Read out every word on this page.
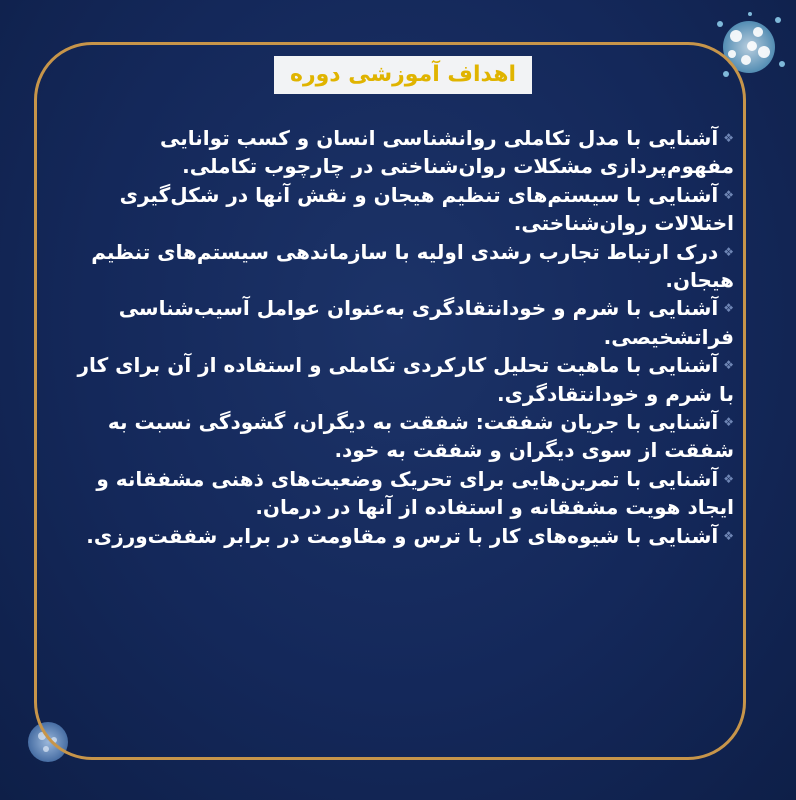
اهداف آموزشی دوره

❖آشنایی با مدل تکاملی روانشناسی انسان و کسب توانایی مفهوم‌پردازی مشکلات روان‌شناختی در چارچوب تکاملی.

❖آشنایی با سیستم‌های تنظیم هیجان و نقش آنها در شکل‌گیری اختلالات روان‌شناختی.

❖درک ارتباط تجارب رشدی اولیه با سازماندهی سیستم‌های تنظیم هیجان.

❖آشنایی با شرم و خودانتقادگری به‌عنوان عوامل آسیب‌شناسی فراتشخیصی.

❖آشنایی با ماهیت تحلیل کارکردی تکاملی و استفاده از آن برای کار با شرم و خودانتقادگری.

❖آشنایی با جریان شفقت: شفقت به دیگران، گشودگی نسبت به شفقت از سوی دیگران و شفقت به خود.

❖آشنایی با تمرین‌هایی برای تحریک وضعیت‌های ذهنی مشفقانه و ایجاد هویت مشفقانه و استفاده از آنها در درمان.

❖آشنایی با شیوه‌های کار با ترس و مقاومت در برابر شفقت‌ورزی.
